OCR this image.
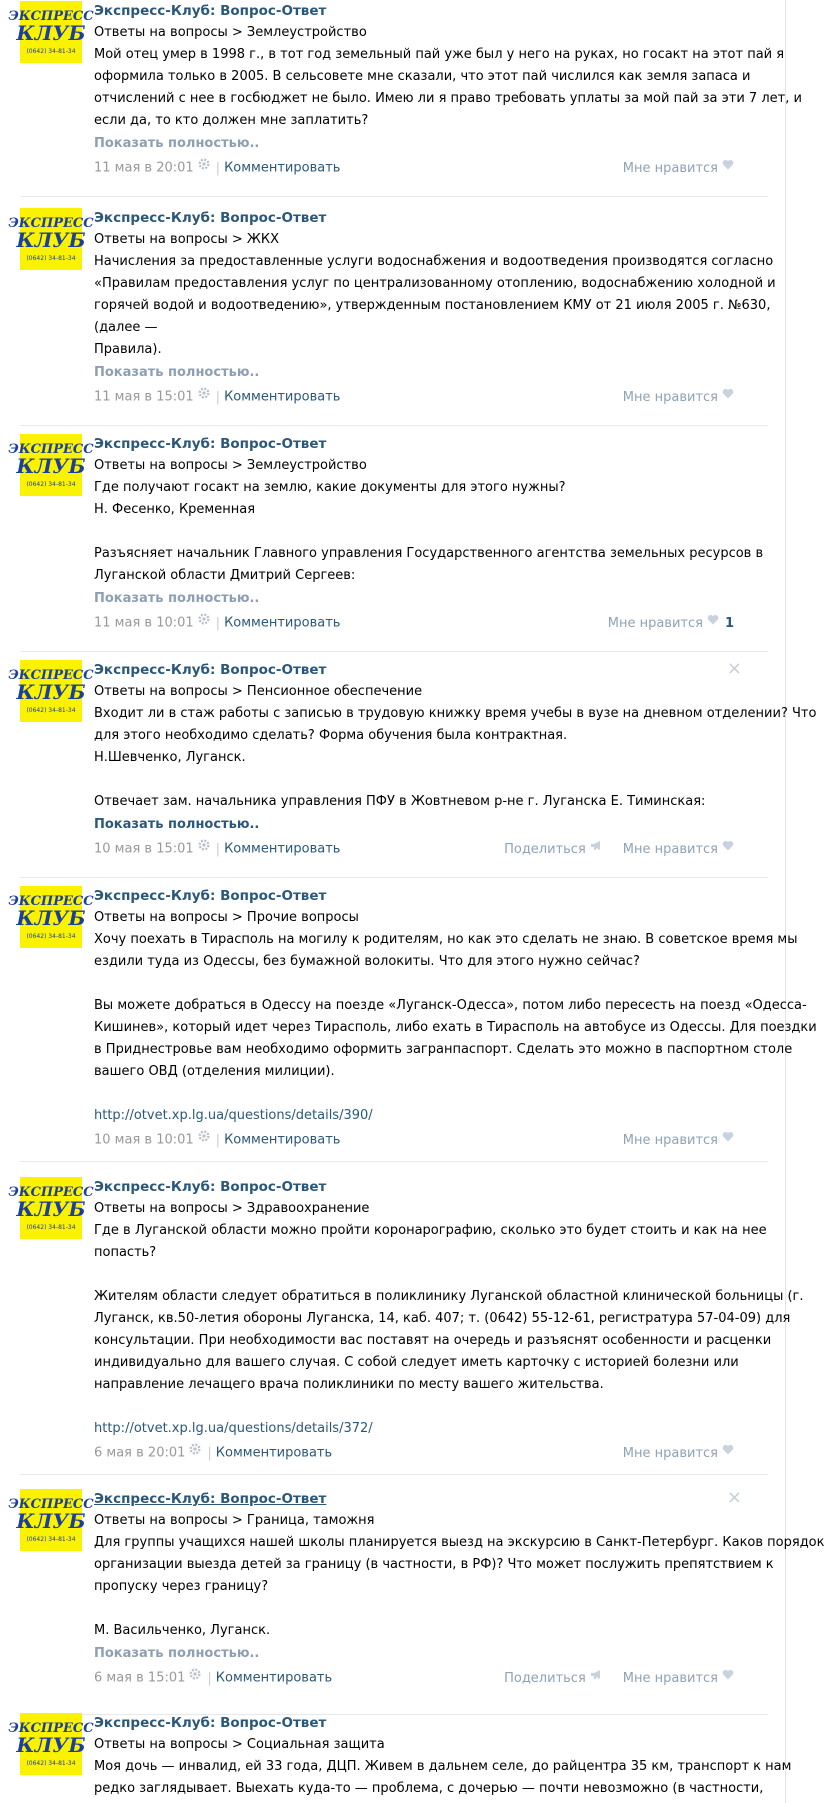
ЭКСПРЕСС
КЛУБ
(0642) 34-81-34
Экспресс-Клуб: Вопрос-Ответ
Ответы на вопросы > Землеустройство
Мой отец умер в 1998 г., в тот год земельный пай уже был у него на руках, но госакт на этот пай я
оформила только в 2005. В сельсовете мне сказали, что этот пай числился как земля запаса и
отчислений с нее в госбюджет не было. Имею ли я право требовать уплаты за мой пай за эти 7 лет, и
если да, то кто должен мне заплатить?
Показать полностью..
11 мая в 20:01 | Комментировать	Мне нравится
ЭКСПРЕСС
КЛУБ
(0642) 34-81-34
Экспресс-Клуб: Вопрос-Ответ
Ответы на вопросы > ЖКХ
Начисления за предоставленные услуги водоснабжения и водоотведения производятся согласно
«Правилам предоставления услуг по централизованному отоплению, водоснабжению холодной и
горячей водой и водоотведению», утвержденным постановлением КМУ от 21 июля 2005 г. №630,
(далее —
Правила).
Показать полностью..
11 мая в 15:01 | Комментировать	Мне нравится
ЭКСПРЕСС
КЛУБ
(0642) 34-81-34
Экспресс-Клуб: Вопрос-Ответ
Ответы на вопросы > Землеустройство
Где получают госакт на землю, какие документы для этого нужны?
Н. Фесенко, Кременная
Разъясняет начальник Главного управления Государственного агентства земельных ресурсов в
Луганской области Дмитрий Сергеев:
Показать полностью..
11 мая в 10:01 | Комментировать	Мне нравится 1
ЭКСПРЕСС
КЛУБ
(0642) 34-81-34
×
Экспресс-Клуб: Вопрос-Ответ
Ответы на вопросы > Пенсионное обеспечение
Входит ли в стаж работы с записью в трудовую книжку время учебы в вузе на дневном отделении? Что
для этого необходимо сделать? Форма обучения была контрактная.
Н.Шевченко, Луганск.
Отвечает зам. начальника управления ПФУ в Жовтневом р-не г. Луганска Е. Тиминская:
Показать полностью..
10 мая в 15:01 | Комментировать	Поделиться	Мне нравится
ЭКСПРЕСС
КЛУБ
(0642) 34-81-34
Экспресс-Клуб: Вопрос-Ответ
Ответы на вопросы > Прочие вопросы
Хочу поехать в Тирасполь на могилу к родителям, но как это сделать не знаю. В советское время мы
ездили туда из Одессы, без бумажной волокиты. Что для этого нужно сейчас?
Вы можете добраться в Одессу на поезде «Луганск-Одесса», потом либо пересесть на поезд «Одесса-
Кишинев», который идет через Тирасполь, либо ехать в Тирасполь на автобусе из Одессы. Для поездки
в Приднестровье вам необходимо оформить загранпаспорт. Сделать это можно в паспортном столе
вашего ОВД (отделения милиции).
http://otvet.xp.lg.ua/questions/details/390/
10 мая в 10:01 | Комментировать	Мне нравится
ЭКСПРЕСС
КЛУБ
(0642) 34-81-34
Экспресс-Клуб: Вопрос-Ответ
Ответы на вопросы > Здравоохранение
Где в Луганской области можно пройти коронарографию, сколько это будет стоить и как на нее
попасть?
Жителям области следует обратиться в поликлинику Луганской областной клинической больницы (г.
Луганск, кв.50-летия обороны Луганска, 14, каб. 407; т. (0642) 55-12-61, регистратура 57-04-09) для
консультации. При необходимости вас поставят на очередь и разъяснят особенности и расценки
индивидуально для вашего случая. С собой следует иметь карточку с историей болезни или
направление лечащего врача поликлиники по месту вашего жительства.
http://otvet.xp.lg.ua/questions/details/372/
6 мая в 20:01 | Комментировать	Мне нравится
ЭКСПРЕСС
КЛУБ
(0642) 34-81-34
×
Экспресс-Клуб: Вопрос-Ответ
Ответы на вопросы > Граница, таможня
Для группы учащихся нашей школы планируется выезд на экскурсию в Санкт-Петербург. Каков порядок
организации выезда детей за границу (в частности, в РФ)? Что может послужить препятствием к
пропуску через границу?
М. Васильченко, Луганск.
Показать полностью..
6 мая в 15:01 | Комментировать	Поделиться	Мне нравится
ЭКСПРЕСС
КЛУБ
(0642) 34-81-34
Экспресс-Клуб: Вопрос-Ответ
Ответы на вопросы > Социальная защита
Моя дочь — инвалид, ей 33 года, ДЦП. Живем в дальнем селе, до райцентра 35 км, транспорт к нам
редко заглядывает. Выехать куда-то — проблема, с дочерью — почти невозможно (в частности,
